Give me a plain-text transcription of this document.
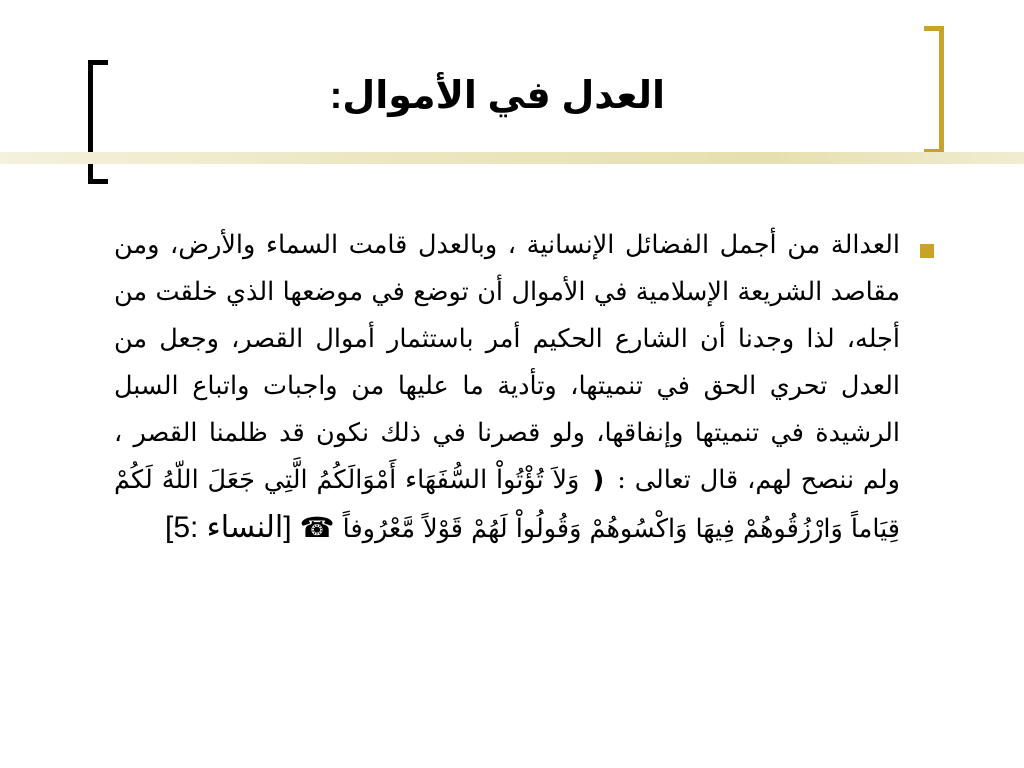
العدل في الأموال:
العدالة من أجمل الفضائل الإنسانية ، وبالعدل قامت السماء والأرض، ومن مقاصد الشريعة الإسلامية في الأموال أن توضع في موضعها الذي خلقت من أجله، لذا وجدنا أن الشارع الحكيم أمر باستثمار أموال القصر، وجعل من العدل تحري الحق في تنميتها، وتأدية ما عليها من واجبات واتباع السبل الرشيدة في تنميتها وإنفاقها، ولو قصرنا في ذلك نكون قد ظلمنا القصر ، ولم ننصح لهم، قال تعالى : ❪ وَلاَ تُؤْتُواْ السُّفَهَاء أَمْوَالَكُمُ الَّتِي جَعَلَ اللّهُ لَكُمْ قِيَاماً وَارْزُقُوهُمْ فِيهَا وَاكْسُوهُمْ وَقُولُواْ لَهُمْ قَوْلاً مَّعْرُوفاً ☎ [النساء :5]
